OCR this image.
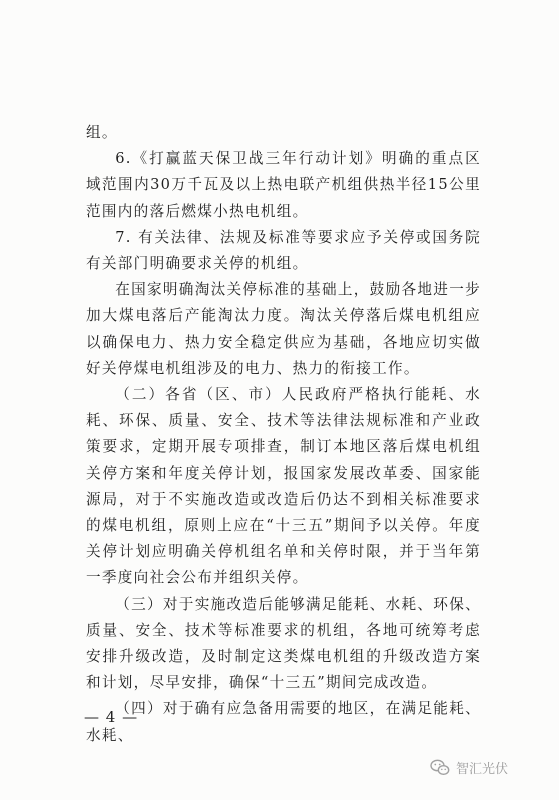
组。

6.《打赢蓝天保卫战三年行动计划》明确的重点区域范围内30万千瓦及以上热电联产机组供热半径15公里范围内的落后燃煤小热电机组。

7. 有关法律、法规及标准等要求应予关停或国务院有关部门明确要求关停的机组。

在国家明确淘汰关停标准的基础上，鼓励各地进一步加大煤电落后产能淘汰力度。淘汰关停落后煤电机组应以确保电力、热力安全稳定供应为基础，各地应切实做好关停煤电机组涉及的电力、热力的衔接工作。

（二）各省（区、市）人民政府严格执行能耗、水耗、环保、质量、安全、技术等法律法规标准和产业政策要求，定期开展专项排查，制订本地区落后煤电机组关停方案和年度关停计划，报国家发展改革委、国家能源局，对于不实施改造或改造后仍达不到相关标准要求的煤电机组，原则上应在“十三五”期间予以关停。年度关停计划应明确关停机组名单和关停时限，并于当年第一季度向社会公布并组织关停。

（三）对于实施改造后能够满足能耗、水耗、环保、质量、安全、技术等标准要求的机组，各地可统筹考虑安排升级改造，及时制定这类煤电机组的升级改造方案和计划，尽早安排，确保“十三五”期间完成改造。

（四）对于确有应急备用需要的地区，在满足能耗、水耗、

— 4 —
智汇光伏
